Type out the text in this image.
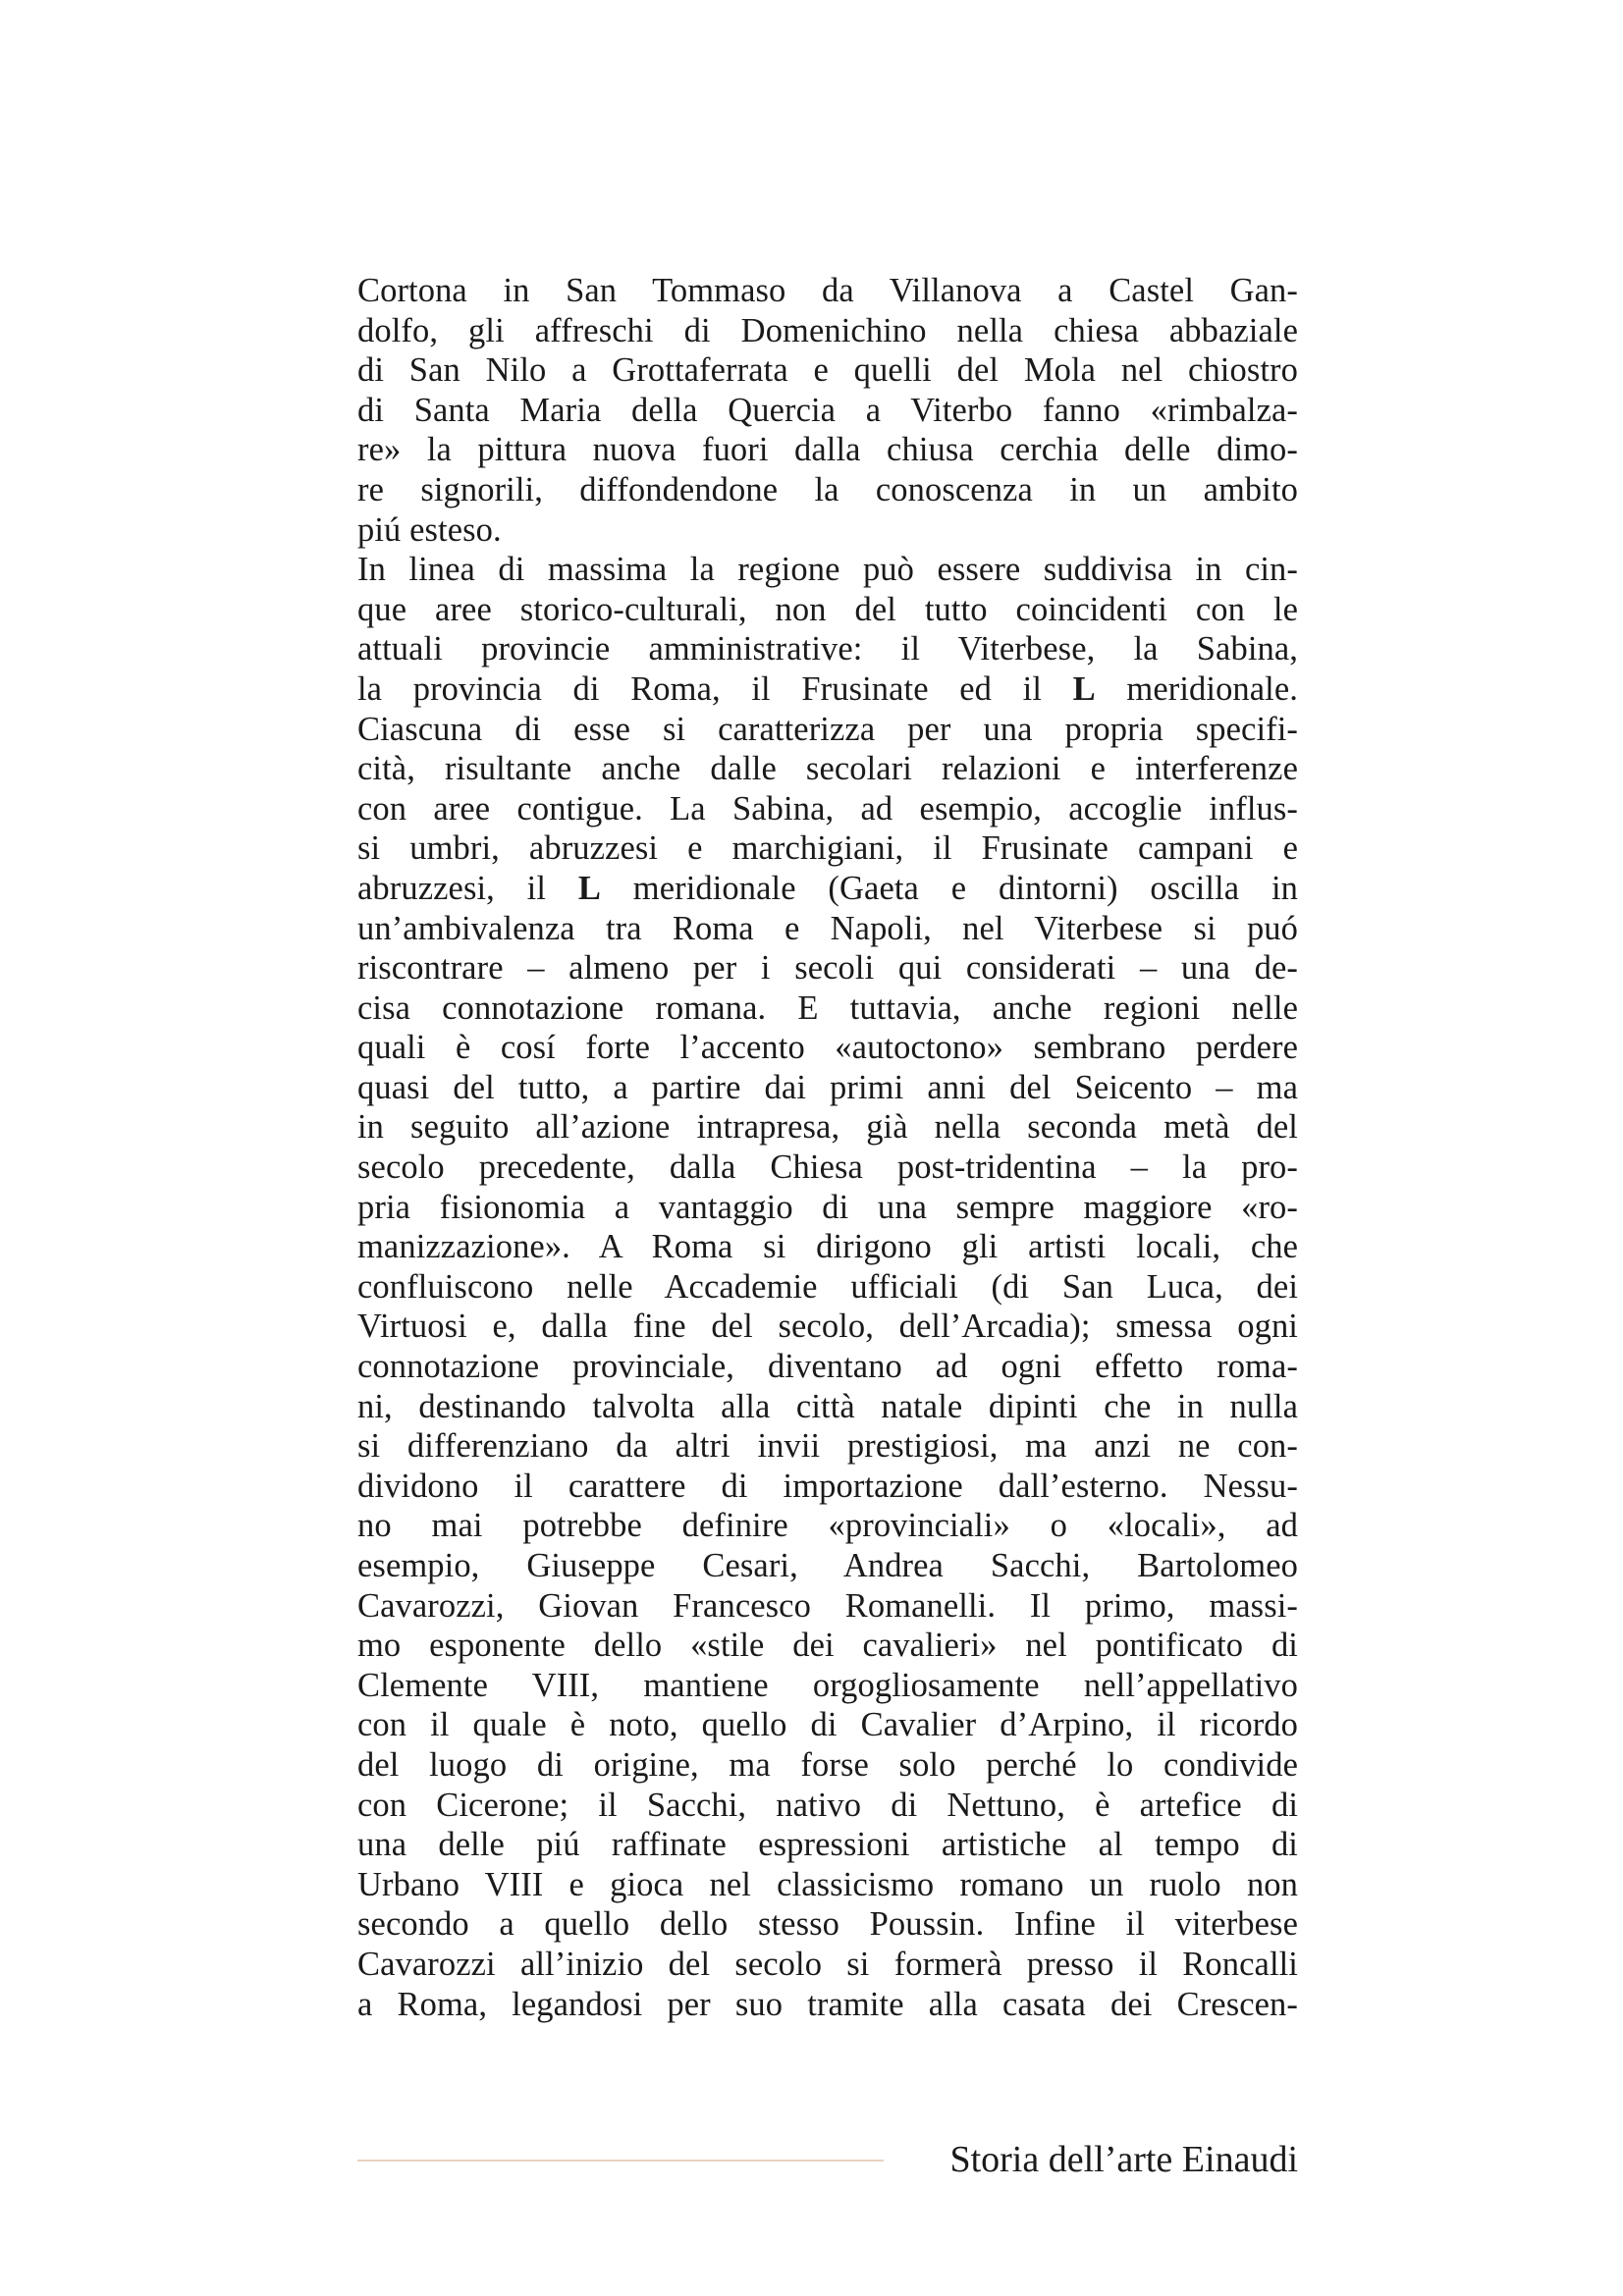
Cortona in San Tommaso da Villanova a Castel Gan-
dolfo, gli affreschi di Domenichino nella chiesa abbaziale
di San Nilo a Grottaferrata e quelli del Mola nel chiostro
di Santa Maria della Quercia a Viterbo fanno «rimbalza-
re» la pittura nuova fuori dalla chiusa cerchia delle dimo-
re signorili, diffondendone la conoscenza in un ambito
piú esteso.
In linea di massima la regione può essere suddivisa in cin-
que aree storico-culturali, non del tutto coincidenti con le
attuali provincie amministrative: il Viterbese, la Sabina,
la provincia di Roma, il Frusinate ed il L meridionale.
Ciascuna di esse si caratterizza per una propria specifi-
cità, risultante anche dalle secolari relazioni e interferenze
con aree contigue. La Sabina, ad esempio, accoglie influs-
si umbri, abruzzesi e marchigiani, il Frusinate campani e
abruzzesi, il L meridionale (Gaeta e dintorni) oscilla in
un’ambivalenza tra Roma e Napoli, nel Viterbese si puó
riscontrare – almeno per i secoli qui considerati – una de-
cisa connotazione romana. E tuttavia, anche regioni nelle
quali è cosí forte l’accento «autoctono» sembrano perdere
quasi del tutto, a partire dai primi anni del Seicento – ma
in seguito all’azione intrapresa, già nella seconda metà del
secolo precedente, dalla Chiesa post-tridentina – la pro-
pria fisionomia a vantaggio di una sempre maggiore «ro-
manizzazione». A Roma si dirigono gli artisti locali, che
confluiscono nelle Accademie ufficiali (di San Luca, dei
Virtuosi e, dalla fine del secolo, dell’Arcadia); smessa ogni
connotazione provinciale, diventano ad ogni effetto roma-
ni, destinando talvolta alla città natale dipinti che in nulla
si differenziano da altri invii prestigiosi, ma anzi ne con-
dividono il carattere di importazione dall’esterno. Nessu-
no mai potrebbe definire «provinciali» o «locali», ad
esempio, Giuseppe Cesari, Andrea Sacchi, Bartolomeo
Cavarozzi, Giovan Francesco Romanelli. Il primo, massi-
mo esponente dello «stile dei cavalieri» nel pontificato di
Clemente VIII, mantiene orgogliosamente nell’appellativo
con il quale è noto, quello di Cavalier d’Arpino, il ricordo
del luogo di origine, ma forse solo perché lo condivide
con Cicerone; il Sacchi, nativo di Nettuno, è artefice di
una delle piú raffinate espressioni artistiche al tempo di
Urbano VIII e gioca nel classicismo romano un ruolo non
secondo a quello dello stesso Poussin. Infine il viterbese
Cavarozzi all’inizio del secolo si formerà presso il Roncalli
a Roma, legandosi per suo tramite alla casata dei Crescen-
Storia dell’arte Einaudi
